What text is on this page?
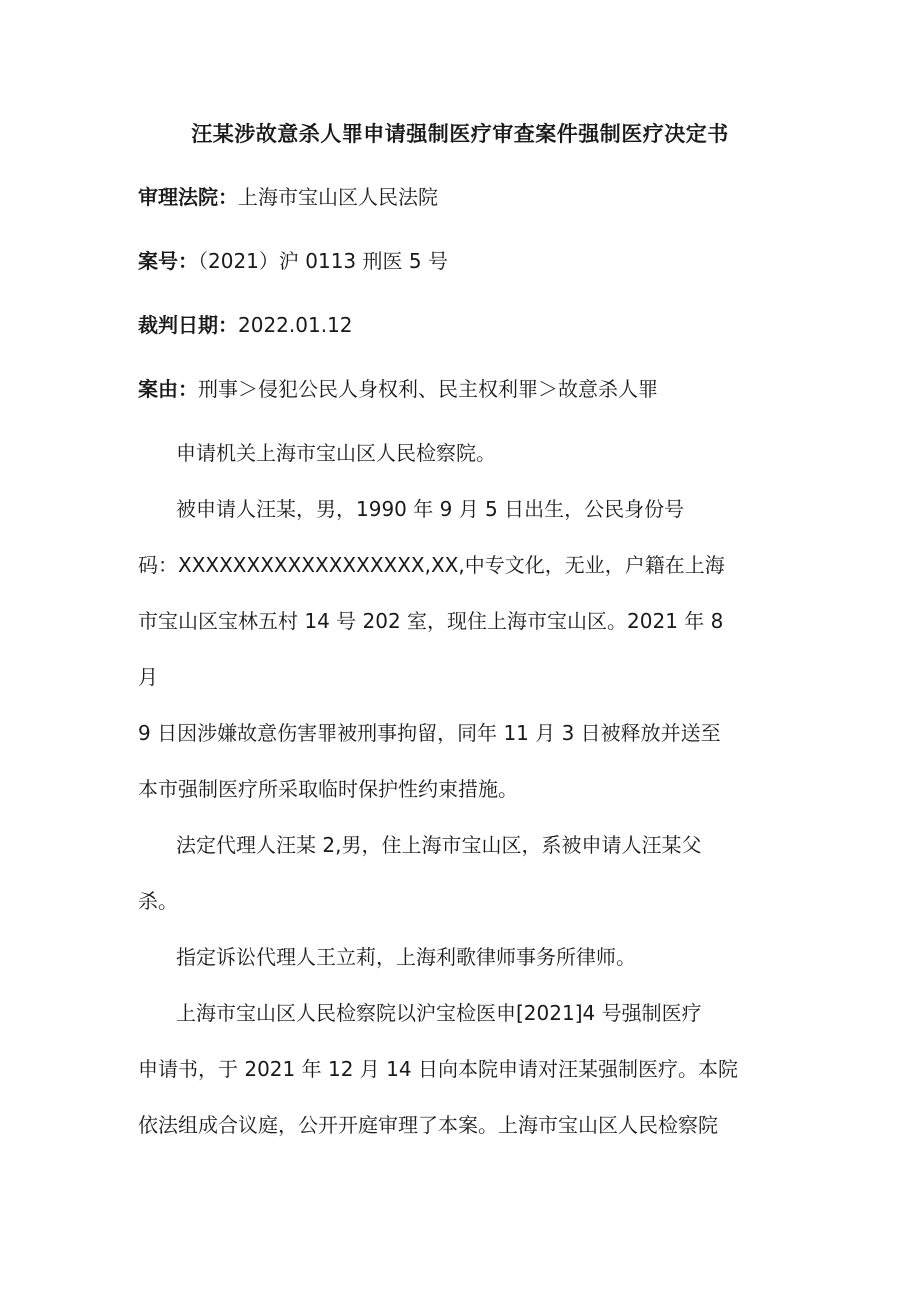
汪某涉故意杀人罪申请强制医疗审查案件强制医疗决定书
审理法院：上海市宝山区人民法院
案号：（2021）沪 0113 刑医 5 号
裁判日期：2022.01.12
案由：刑事＞侵犯公民人身权利、民主权利罪＞故意杀人罪
申请机关上海市宝山区人民检察院。
被申请人汪某，男，1990 年 9 月 5 日出生，公民身份号
码：XXXXXXXXXXXXXXXXXX,XX,中专文化，无业，户籍在上海
市宝山区宝林五村 14 号 202 室，现住上海市宝山区。2021 年 8
月
9 日因涉嫌故意伤害罪被刑事拘留，同年 11 月 3 日被释放并送至
本市强制医疗所采取临时保护性约束措施。
法定代理人汪某 2,男，住上海市宝山区，系被申请人汪某父
杀。
指定诉讼代理人王立莉，上海利歌律师事务所律师。
上海市宝山区人民检察院以沪宝检医申[2021]4 号强制医疗
申请书，于 2021 年 12 月 14 日向本院申请对汪某强制医疗。本院
依法组成合议庭，公开开庭审理了本案。上海市宝山区人民检察院
